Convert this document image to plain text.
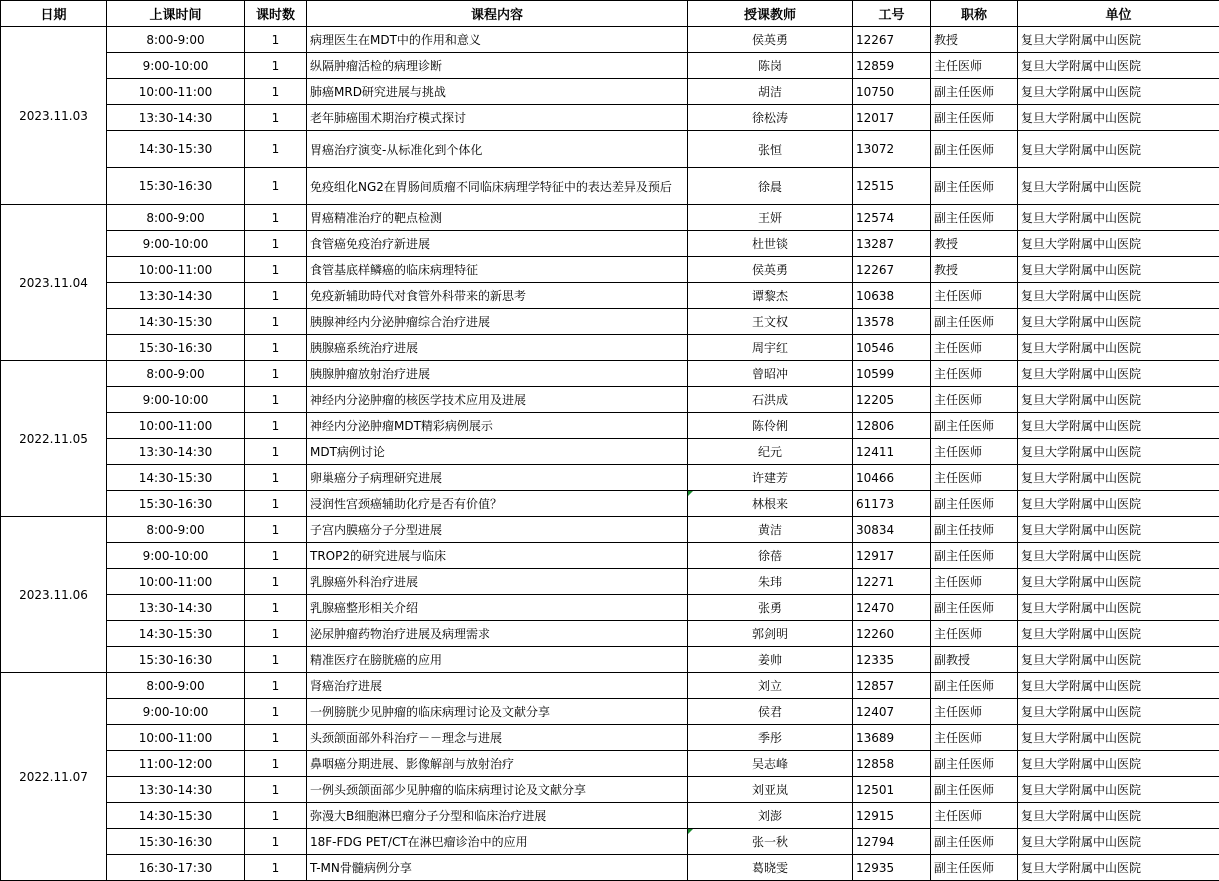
日期	上课时间	课时数	课程内容	授课教师	工号	职称	单位
2023.11.03	8:00-9:00	1	病理医生在MDT中的作用和意义	侯英勇	12267	教授	复旦大学附属中山医院
	9:00-10:00	1	纵隔肿瘤活检的病理诊断	陈岗	12859	主任医师	复旦大学附属中山医院
	10:00-11:00	1	肺癌MRD研究进展与挑战	胡洁	10750	副主任医师	复旦大学附属中山医院
	13:30-14:30	1	老年肺癌围术期治疗模式探讨	徐松涛	12017	副主任医师	复旦大学附属中山医院
	14:30-15:30	1	胃癌治疗演变-从标准化到个体化	张恒	13072	副主任医师	复旦大学附属中山医院
	15:30-16:30	1	免疫组化NG2在胃肠间质瘤不同临床病理学特征中的表达差异及预后	徐晨	12515	副主任医师	复旦大学附属中山医院
2023.11.04	8:00-9:00	1	胃癌精准治疗的靶点检测	王妍	12574	副主任医师	复旦大学附属中山医院
	9:00-10:00	1	食管癌免疫治疗新进展	杜世锬	13287	教授	复旦大学附属中山医院
	10:00-11:00	1	食管基底样鳞癌的临床病理特征	侯英勇	12267	教授	复旦大学附属中山医院
	13:30-14:30	1	免疫新辅助時代对食管外科带来的新思考	谭黎杰	10638	主任医师	复旦大学附属中山医院
	14:30-15:30	1	胰腺神经内分泌肿瘤综合治疗进展	王文权	13578	副主任医师	复旦大学附属中山医院
	15:30-16:30	1	胰腺癌系统治疗进展	周宇红	10546	主任医师	复旦大学附属中山医院
2022.11.05	8:00-9:00	1	胰腺肿瘤放射治疗进展	曾昭冲	10599	主任医师	复旦大学附属中山医院
	9:00-10:00	1	神经内分泌肿瘤的核医学技术应用及进展	石洪成	12205	主任医师	复旦大学附属中山医院
	10:00-11:00	1	神经内分泌肿瘤MDT精彩病例展示	陈伶俐	12806	副主任医师	复旦大学附属中山医院
	13:30-14:30	1	MDT病例讨论	纪元	12411	主任医师	复旦大学附属中山医院
	14:30-15:30	1	卵巢癌分子病理研究进展	许建芳	10466	主任医师	复旦大学附属中山医院
	15:30-16:30	1	浸润性宫颈癌辅助化疗是否有价值？	林根来	61173	副主任医师	复旦大学附属中山医院
2023.11.06	8:00-9:00	1	子宫内膜癌分子分型进展	黄洁	30834	副主任技师	复旦大学附属中山医院
	9:00-10:00	1	TROP2的研究进展与临床	徐蓓	12917	副主任医师	复旦大学附属中山医院
	10:00-11:00	1	乳腺癌外科治疗进展	朱玮	12271	主任医师	复旦大学附属中山医院
	13:30-14:30	1	乳腺癌整形相关介绍	张勇	12470	副主任医师	复旦大学附属中山医院
	14:30-15:30	1	泌尿肿瘤药物治疗进展及病理需求	郭剑明	12260	主任医师	复旦大学附属中山医院
	15:30-16:30	1	精准医疗在膀胱癌的应用	姜帅	12335	副教授	复旦大学附属中山医院
2022.11.07	8:00-9:00	1	肾癌治疗进展	刘立	12857	副主任医师	复旦大学附属中山医院
	9:00-10:00	1	一例膀胱少见肿瘤的临床病理讨论及文献分享	侯君	12407	主任医师	复旦大学附属中山医院
	10:00-11:00	1	头颈颌面部外科治疗－－理念与进展	季彤	13689	主任医师	复旦大学附属中山医院
	11:00-12:00	1	鼻咽癌分期进展、影像解剖与放射治疗	吴志峰	12858	副主任医师	复旦大学附属中山医院
	13:30-14:30	1	一例头颈颌面部少见肿瘤的临床病理讨论及文献分享	刘亚岚	12501	副主任医师	复旦大学附属中山医院
	14:30-15:30	1	弥漫大B细胞淋巴瘤分子分型和临床治疗进展	刘澎	12915	主任医师	复旦大学附属中山医院
	15:30-16:30	1	18F-FDG PET/CT在淋巴瘤诊治中的应用	张一秋	12794	副主任医师	复旦大学附属中山医院
	16:30-17:30	1	T-MN骨髓病例分享	葛晓雯	12935	副主任医师	复旦大学附属中山医院
